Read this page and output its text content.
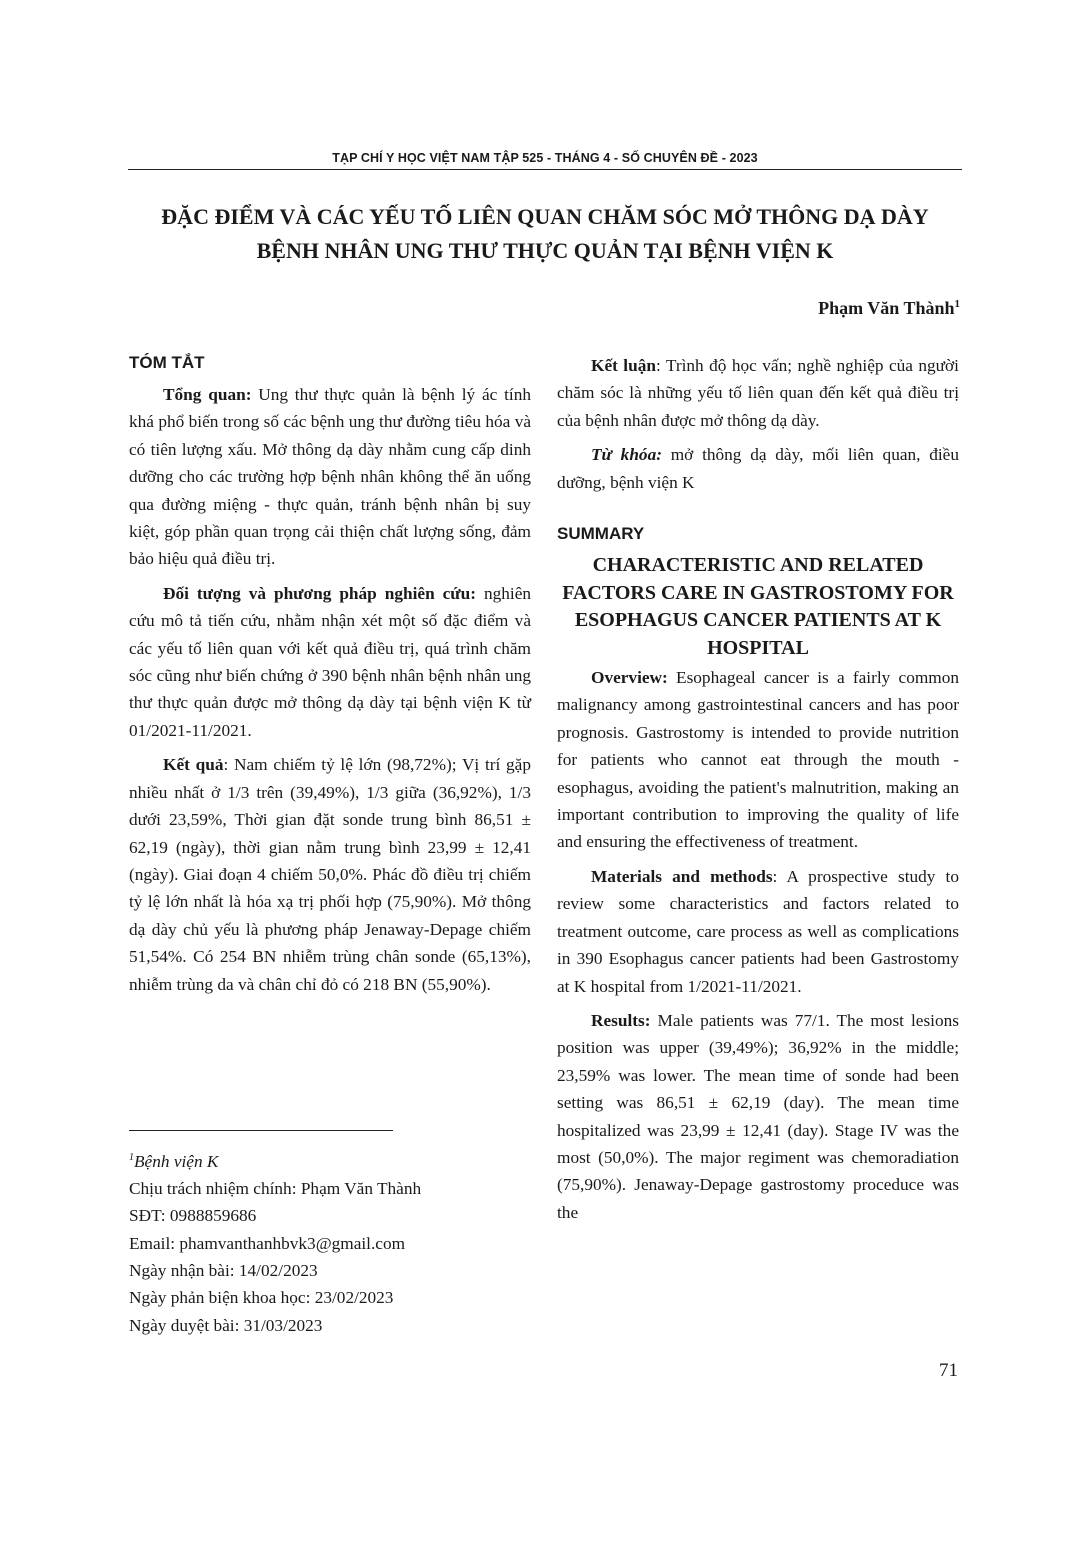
TẠP CHÍ Y HỌC VIỆT NAM TẬP 525 - THÁNG 4 - SỐ CHUYÊN ĐỀ - 2023
ĐẶC ĐIỂM VÀ CÁC YẾU TỐ LIÊN QUAN CHĂM SÓC MỞ THÔNG DẠ DÀY
BỆNH NHÂN UNG THƯ THỰC QUẢN TẠI BỆNH VIỆN K
Phạm Văn Thành$^1$
TÓM TẮT

Tổng quan: Ung thư thực quản là bệnh lý ác tính khá phổ biến trong số các bệnh ung thư đường tiêu hóa và có tiên lượng xấu. Mở thông dạ dày nhằm cung cấp dinh dưỡng cho các trường hợp bệnh nhân không thể ăn uống qua đường miệng - thực quản, tránh bệnh nhân bị suy kiệt, góp phần quan trọng cải thiện chất lượng sống, đảm bảo hiệu quả điều trị.

Đối tượng và phương pháp nghiên cứu: nghiên cứu mô tả tiến cứu, nhằm nhận xét một số đặc điểm và các yếu tố liên quan với kết quả điều trị, quá trình chăm sóc cũng như biến chứng ở 390 bệnh nhân bệnh nhân ung thư thực quản được mở thông dạ dày tại bệnh viện K từ 01/2021-11/2021.

Kết quả: Nam chiếm tỷ lệ lớn (98,72%); Vị trí gặp nhiều nhất ở 1/3 trên (39,49%), 1/3 giữa (36,92%), 1/3 dưới 23,59%, Thời gian đặt sonde trung bình 86,51 ± 62,19 (ngày), thời gian nằm trung bình 23,99 ± 12,41 (ngày). Giai đoạn 4 chiếm 50,0%. Phác đồ điều trị chiếm tỷ lệ lớn nhất là hóa xạ trị phối hợp (75,90%). Mở thông dạ dày chủ yếu là phương pháp Jenaway-Depage chiếm 51,54%. Có 254 BN nhiễm trùng chân sonde (65,13%), nhiễm trùng da và chân chỉ đỏ có 218 BN (55,90%).

$^1$Bệnh viện K
Chịu trách nhiệm chính: Phạm Văn Thành
SĐT: 0988859686
Email: phamvanthanhbvk3@gmail.com
Ngày nhận bài: 14/02/2023
Ngày phản biện khoa học: 23/02/2023
Ngày duyệt bài: 31/03/2023

Kết luận: Trình độ học vấn; nghề nghiệp của người chăm sóc là những yếu tố liên quan đến kết quả điều trị của bệnh nhân được mở thông dạ dày.

Từ khóa: mở thông dạ dày, mối liên quan, điều dưỡng, bệnh viện K

SUMMARY
CHARACTERISTIC AND RELATED FACTORS CARE IN GASTROSTOMY FOR ESOPHAGUS CANCER PATIENTS AT K HOSPITAL

Overview: Esophageal cancer is a fairly common malignancy among gastrointestinal cancers and has poor prognosis. Gastrostomy is intended to provide nutrition for patients who cannot eat through the mouth - esophagus, avoiding the patient's malnutrition, making an important contribution to improving the quality of life and ensuring the effectiveness of treatment.

Materials and methods: A prospective study to review some characteristics and factors related to treatment outcome, care process as well as complications in 390 Esophagus cancer patients had been Gastrostomy at K hospital from 1/2021-11/2021.

Results: Male patients was 77/1. The most lesions position was upper (39,49%); 36,92% in the middle; 23,59% was lower. The mean time of sonde had been setting was 86,51 ± 62,19 (day). The mean time hospitalized was 23,99 ± 12,41 (day). Stage IV was the most (50,0%). The major regiment was chemoradiation (75,90%). Jenaway-Depage gastrostomy proceduce was the

71
